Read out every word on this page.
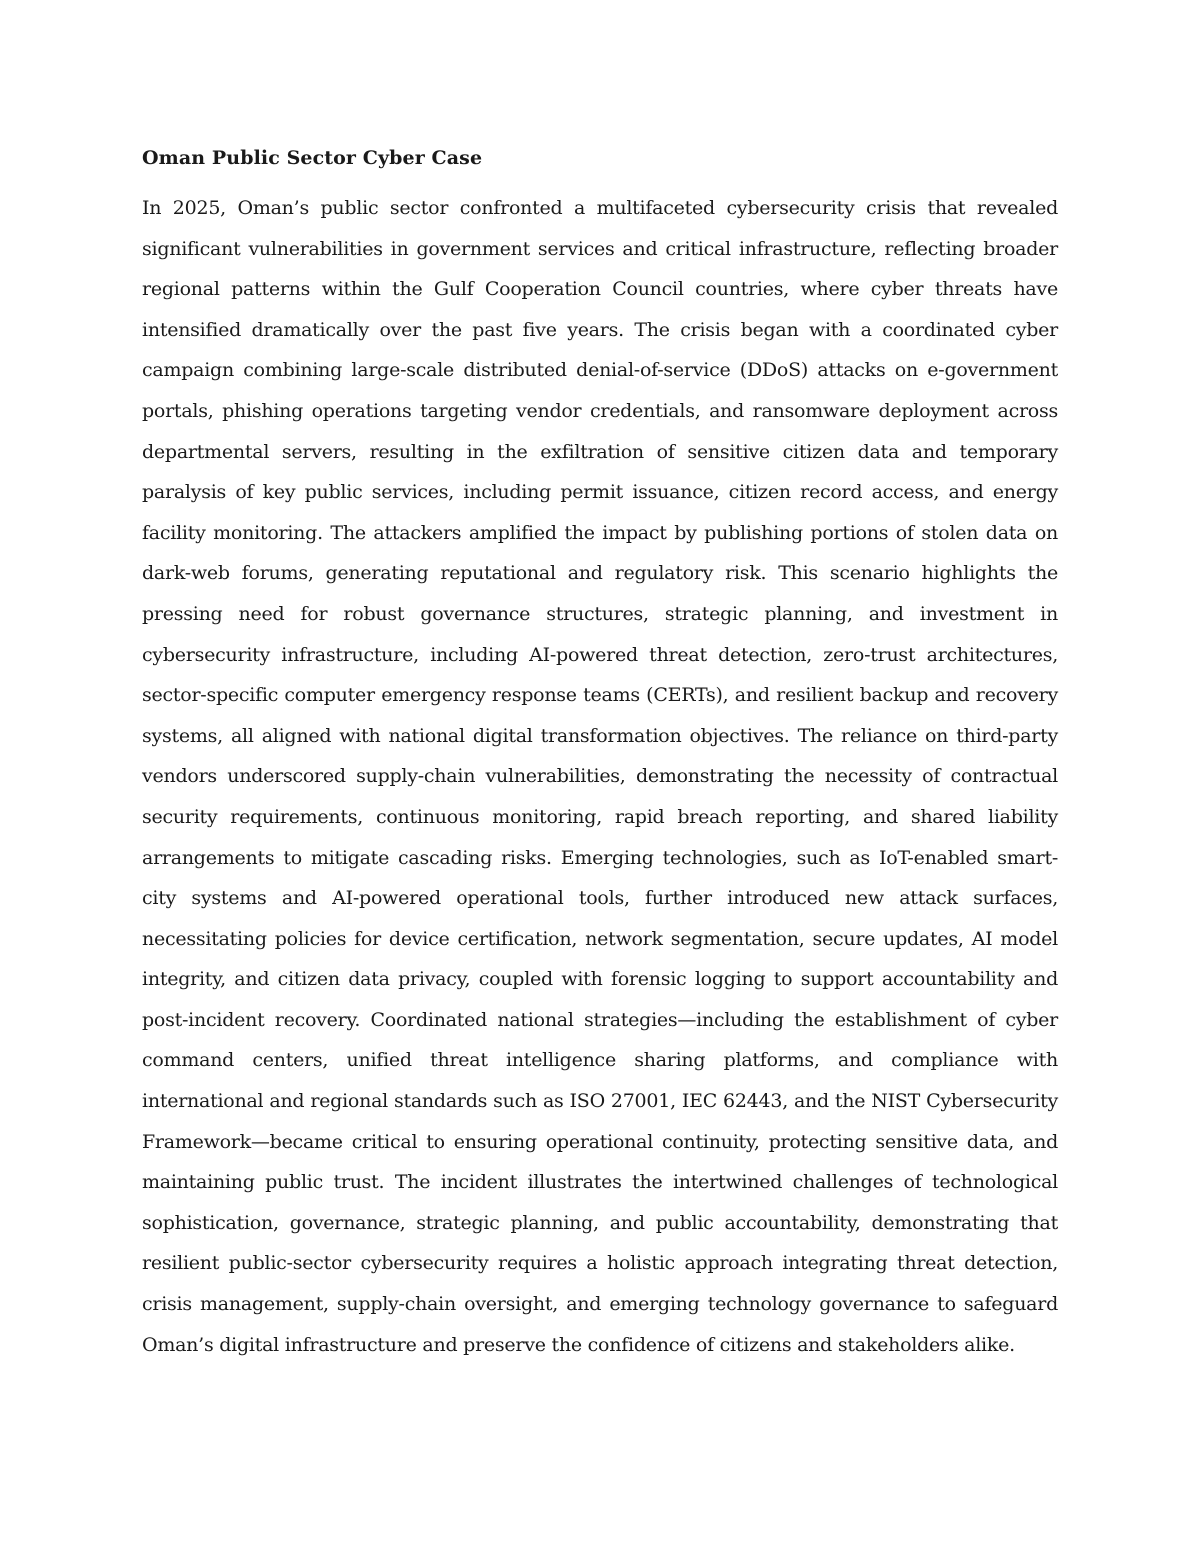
Oman Public Sector Cyber Case

In 2025, Oman’s public sector confronted a multifaceted cybersecurity crisis that revealed significant vulnerabilities in government services and critical infrastructure, reflecting broader regional patterns within the Gulf Cooperation Council countries, where cyber threats have intensified dramatically over the past five years. The crisis began with a coordinated cyber campaign combining large-scale distributed denial-of-service (DDoS) attacks on e-government portals, phishing operations targeting vendor credentials, and ransomware deployment across departmental servers, resulting in the exfiltration of sensitive citizen data and temporary paralysis of key public services, including permit issuance, citizen record access, and energy facility monitoring. The attackers amplified the impact by publishing portions of stolen data on dark-web forums, generating reputational and regulatory risk. This scenario highlights the pressing need for robust governance structures, strategic planning, and investment in cybersecurity infrastructure, including AI-powered threat detection, zero-trust architectures, sector-specific computer emergency response teams (CERTs), and resilient backup and recovery systems, all aligned with national digital transformation objectives. The reliance on third-party vendors underscored supply-chain vulnerabilities, demonstrating the necessity of contractual security requirements, continuous monitoring, rapid breach reporting, and shared liability arrangements to mitigate cascading risks. Emerging technologies, such as IoT-enabled smart-city systems and AI-powered operational tools, further introduced new attack surfaces, necessitating policies for device certification, network segmentation, secure updates, AI model integrity, and citizen data privacy, coupled with forensic logging to support accountability and post-incident recovery. Coordinated national strategies—including the establishment of cyber command centers, unified threat intelligence sharing platforms, and compliance with international and regional standards such as ISO 27001, IEC 62443, and the NIST Cybersecurity Framework—became critical to ensuring operational continuity, protecting sensitive data, and maintaining public trust. The incident illustrates the intertwined challenges of technological sophistication, governance, strategic planning, and public accountability, demonstrating that resilient public-sector cybersecurity requires a holistic approach integrating threat detection, crisis management, supply-chain oversight, and emerging technology governance to safeguard Oman’s digital infrastructure and preserve the confidence of citizens and stakeholders alike.
